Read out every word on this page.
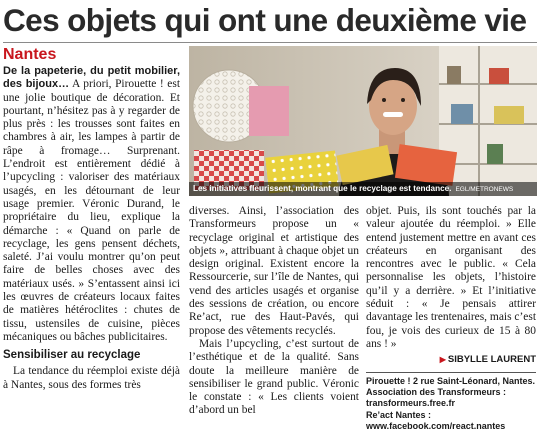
Ces objets qui ont une deuxième vie
Nantes

De la papeterie, du petit mobilier, des bijoux… A priori, Pirouette ! est une jolie boutique de décoration. Et pourtant, n’hésitez pas à y regarder de plus près : les trousses sont faites en chambres à air, les lampes à partir de râpe à fromage… Surprenant. L’endroit est entièrement dédié à l’upcycling : valoriser des matériaux usagés, en les détournant de leur usage premier. Véronic Durand, le propriétaire du lieu, explique la démarche : « Quand on parle de recyclage, les gens pensent déchets, saleté. J’ai voulu montrer qu’on peut faire de belles choses avec des matériaux usés. » S’entassent ainsi ici les œuvres de créateurs locaux faites de matières hétéroclites : chutes de tissu, ustensiles de cuisine, pièces mécaniques ou bâches publicitaires.

Sensibiliser au recyclage

La tendance du réemploi existe déjà à Nantes, sous des formes très

Les initiatives fleurissent, montrant que le recyclage est tendance. EGL/METRONEWS

diverses. Ainsi, l’association des Transformeurs propose un « recyclage original et artistique des objets », attribuant à chaque objet un design original. Existent encore la Ressourcerie, sur l’île de Nantes, qui vend des articles usagés et organise des sessions de création, ou encore Re’act, rue des Haut-Pavés, qui propose des vêtements recyclés.

Mais l’upcycling, c’est surtout de l’esthétique et de la qualité. Sans doute la meilleure manière de sensibiliser le grand public. Véronic le constate : « Les clients voient d’abord un bel

objet. Puis, ils sont touchés par la valeur ajoutée du réemploi. » Elle entend justement mettre en avant ces créateurs en organisant des rencontres avec le public. « Cela personnalise les objets, l’histoire qu’il y a derrière. » Et l’initiative séduit : « Je pensais attirer davantage les trentenaires, mais c’est fou, je vois des curieux de 15 à 80 ans ! »

▶ SIBYLLE LAURENT
Pirouette ! 2 rue Saint-Léonard, Nantes.
Association des Transformeurs : transformeurs.free.fr
Re’act Nantes : www.facebook.com/react.nantes
